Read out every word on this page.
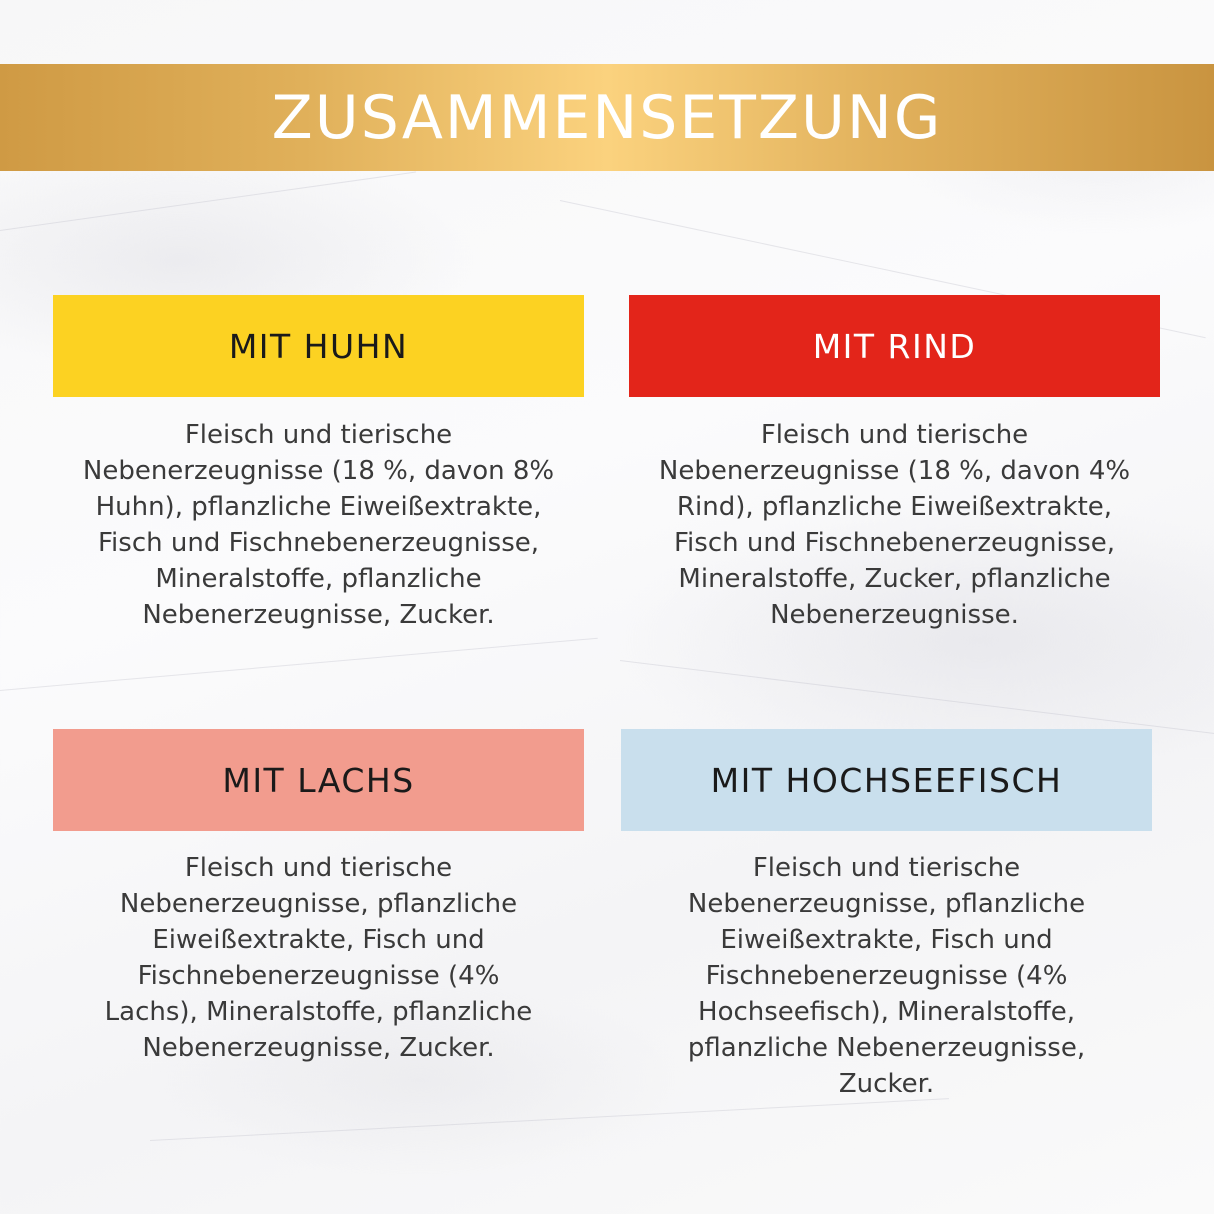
ZUSAMMENSETZUNG
MIT HUHN
Fleisch und tierische
Nebenerzeugnisse (18 %, davon 8%
Huhn), pflanzliche Eiweißextrakte,
Fisch und Fischnebenerzeugnisse,
Mineralstoffe, pflanzliche
Nebenerzeugnisse, Zucker.
MIT RIND
Fleisch und tierische
Nebenerzeugnisse (18 %, davon 4%
Rind), pflanzliche Eiweißextrakte,
Fisch und Fischnebenerzeugnisse,
Mineralstoffe, Zucker, pflanzliche
Nebenerzeugnisse.
MIT LACHS
Fleisch und tierische
Nebenerzeugnisse, pflanzliche
Eiweißextrakte, Fisch und
Fischnebenerzeugnisse (4%
Lachs), Mineralstoffe, pflanzliche
Nebenerzeugnisse, Zucker.
MIT HOCHSEEFISCH
Fleisch und tierische
Nebenerzeugnisse, pflanzliche
Eiweißextrakte, Fisch und
Fischnebenerzeugnisse (4%
Hochseefisch), Mineralstoffe,
pflanzliche Nebenerzeugnisse,
Zucker.
